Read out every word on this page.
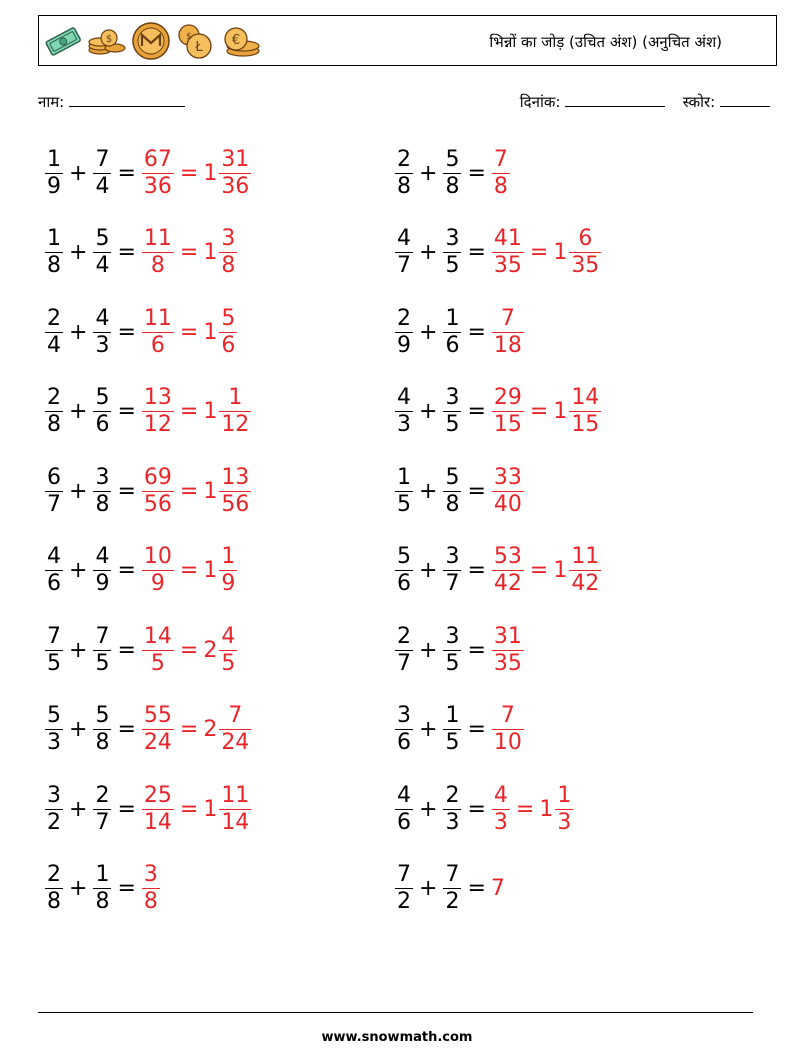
$
Ł
$	€	भिन्नों का जोड़ (उचित अंश) (अनुचित अंश)
नाम:	दिनांक:	स्कोर:
$\frac{1}{9} + \frac{7}{4} = \frac{67}{36} = 1 \frac{31}{36}$	$\frac{2}{8} + \frac{5}{8} = \frac{7}{8}$
$\frac{1}{8} + \frac{5}{4} = \frac{11}{8} = 1 \frac{3}{8}$	$\frac{4}{7} + \frac{3}{5} = \frac{41}{35} = 1 \frac{6}{35}$
$\frac{2}{4} + \frac{4}{3} = \frac{11}{6} = 1 \frac{5}{6}$	$\frac{2}{9} + \frac{1}{6} = \frac{7}{18}$
$\frac{2}{8} + \frac{5}{6} = \frac{13}{12} = 1 \frac{1}{12}$	$\frac{4}{3} + \frac{3}{5} = \frac{29}{15} = 1 \frac{14}{15}$
$\frac{6}{7} + \frac{3}{8} = \frac{69}{56} = 1 \frac{13}{56}$	$\frac{1}{5} + \frac{5}{8} = \frac{33}{40}$
$\frac{4}{6} + \frac{4}{9} = \frac{10}{9} = 1 \frac{1}{9}$	$\frac{5}{6} + \frac{3}{7} = \frac{53}{42} = 1 \frac{11}{42}$
$\frac{7}{5} + \frac{7}{5} = \frac{14}{5} = 2 \frac{4}{5}$	$\frac{2}{7} + \frac{3}{5} = \frac{31}{35}$
$\frac{5}{3} + \frac{5}{8} = \frac{55}{24} = 2 \frac{7}{24}$	$\frac{3}{6} + \frac{1}{5} = \frac{7}{10}$
$\frac{3}{2} + \frac{2}{7} = \frac{25}{14} = 1 \frac{11}{14}$	$\frac{4}{6} + \frac{2}{3} = \frac{4}{3} = 1 \frac{1}{3}$
$\frac{2}{8} + \frac{1}{8} = \frac{3}{8}$	$\frac{7}{2} + \frac{7}{2} = 7$
www.snowmath.com
